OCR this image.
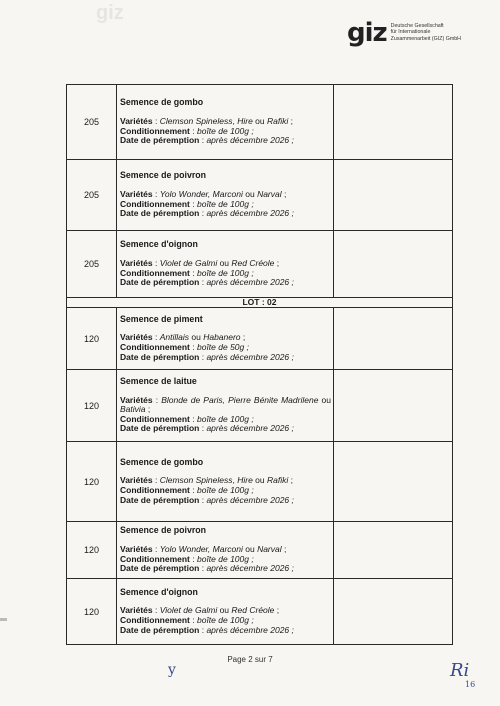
giz
giz Deutsche Gesellschaft
für Internationale
Zusammenarbeit (GIZ) GmbH
205	Semence de gombo
Variétés : Clemson Spineless, Hire ou Rafiki ;
Conditionnement : boîte de 100g ;
Date de péremption : après décembre 2026 ;	

205	Semence de poivron
Variétés : Yolo Wonder, Marconi ou Narval ;
Conditionnement : boîte de 100g ;
Date de péremption : après décembre 2026 ;	

205	Semence d'oignon
Variétés : Violet de Galmi ou Red Créole ;
Conditionnement : boîte de 100g ;
Date de péremption : après décembre 2026 ;	

LOT : 02		
120	Semence de piment
Variétés : Antillais ou Habanero ;
Conditionnement : boîte de 50g ;
Date de péremption : après décembre 2026 ;	

120	Semence de laitue
Variétés : Blonde de Paris, Pierre Bénite Madrilene ou Bativia ;
Conditionnement : boîte de 100g ;
Date de péremption : après décembre 2026 ;	

120	Semence de gombo
Variétés : Clemson Spineless, Hire ou Rafiki ;
Conditionnement : boîte de 100g ;
Date de péremption : après décembre 2026 ;	

120	Semence de poivron
Variétés : Yolo Wonder, Marconi ou Narval ;
Conditionnement : boîte de 100g ;
Date de péremption : après décembre 2026 ;	

120	Semence d'oignon
Variétés : Violet de Galmi ou Red Créole ;
Conditionnement : boîte de 100g ;
Date de péremption : après décembre 2026 ;	

Page 2 sur 7
y	Ri
16
